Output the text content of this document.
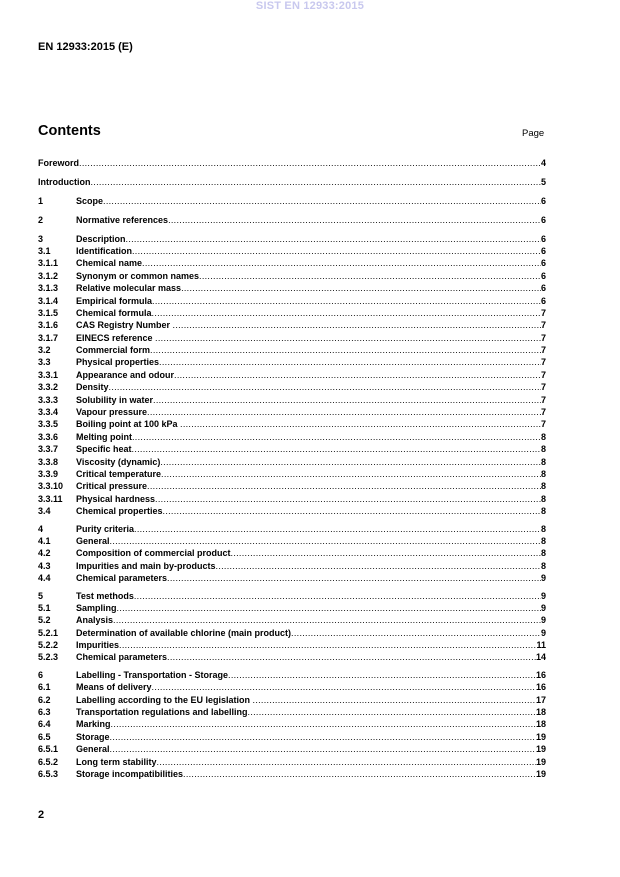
SIST EN 12933:2015
EN 12933:2015 (E)
Contents	Page
Foreword .....	4
Introduction .....	5
1	Scope .....	6
2	Normative references .....	6
3	Description .....	6
3.1	Identification .....	6
3.1.1	Chemical name .....	6
3.1.2	Synonym or common names .....	6
3.1.3	Relative molecular mass .....	6
3.1.4	Empirical formula .....	6
3.1.5	Chemical formula .....	7
3.1.6	CAS Registry Number .....	7
3.1.7	EINECS reference .....	7
3.2	Commercial form .....	7
3.3	Physical properties .....	7
3.3.1	Appearance and odour .....	7
3.3.2	Density .....	7
3.3.3	Solubility in water .....	7
3.3.4	Vapour pressure .....	7
3.3.5	Boiling point at 100 kPa .....	7
3.3.6	Melting point .....	8
3.3.7	Specific heat .....	8
3.3.8	Viscosity (dynamic) .....	8
3.3.9	Critical temperature .....	8
3.3.10	Critical pressure .....	8
3.3.11	Physical hardness .....	8
3.4	Chemical properties .....	8
4	Purity criteria .....	8
4.1	General .....	8
4.2	Composition of commercial product .....	8
4.3	Impurities and main by-products .....	8
4.4	Chemical parameters .....	9
5	Test methods .....	9
5.1	Sampling .....	9
5.2	Analysis .....	9
5.2.1	Determination of available chlorine (main product) .....	9
5.2.2	Impurities .....	11
5.2.3	Chemical parameters .....	14
6	Labelling - Transportation - Storage .....	16
6.1	Means of delivery .....	16
6.2	Labelling according to the EU legislation .....	17
6.3	Transportation regulations and labelling .....	18
6.4	Marking .....	18
6.5	Storage .....	19
6.5.1	General .....	19
6.5.2	Long term stability .....	19
6.5.3	Storage incompatibilities .....	19
2
